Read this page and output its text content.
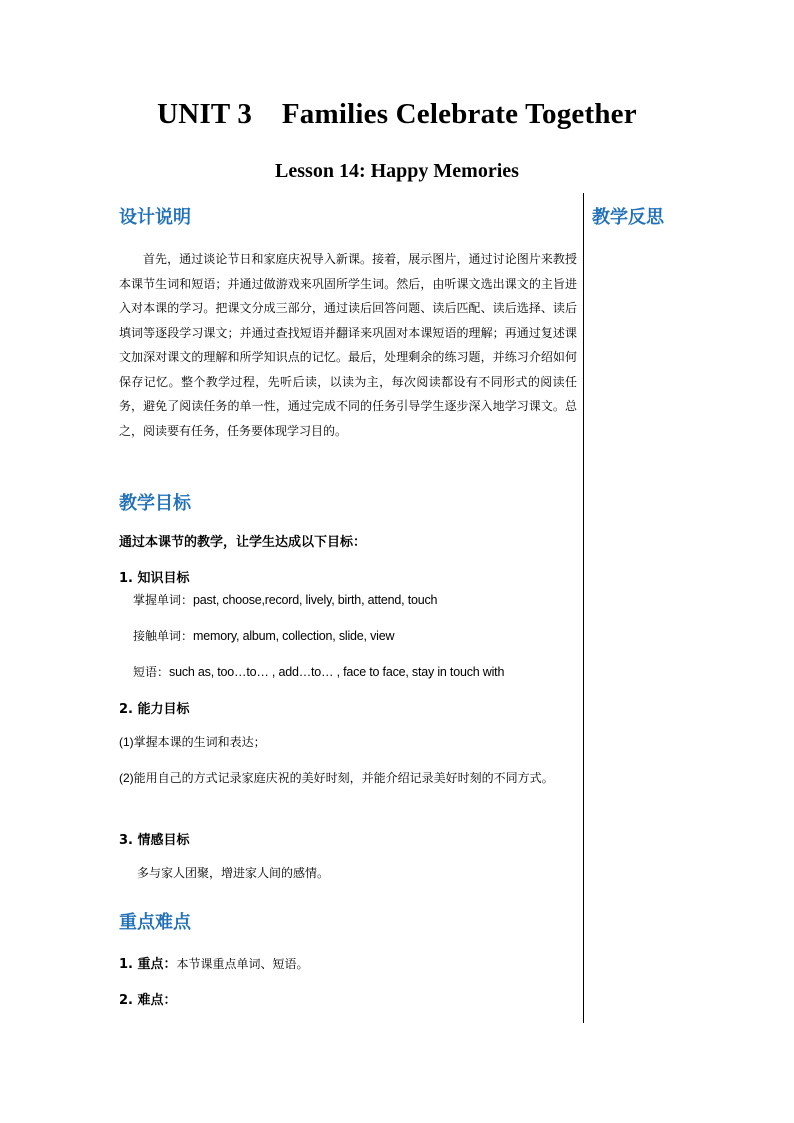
UNIT 3    Families Celebrate Together
Lesson 14: Happy Memories
教学反思
设计说明
首先，通过谈论节日和家庭庆祝导入新课。接着，展示图片，通过讨论图片来教授本课节生词和短语；并通过做游戏来巩固所学生词。然后，由听课文选出课文的主旨进入对本课的学习。把课文分成三部分，通过读后回答问题、读后匹配、读后选择、读后填词等逐段学习课文；并通过查找短语并翻译来巩固对本课短语的理解；再通过复述课文加深对课文的理解和所学知识点的记忆。最后，处理剩余的练习题，并练习介绍如何保存记忆。整个教学过程，先听后读，以读为主，每次阅读都设有不同形式的阅读任务，避免了阅读任务的单一性，通过完成不同的任务引导学生逐步深入地学习课文。总之，阅读要有任务，任务要体现学习目的。
教学目标
通过本课节的教学，让学生达成以下目标：
1. 知识目标
掌握单词：past, choose,record, lively, birth, attend, touch
接触单词：memory, album, collection, slide, view
短语：such as, too…to… , add…to… , face to face, stay in touch with
2. 能力目标
(1)掌握本课的生词和表达；
(2)能用自己的方式记录家庭庆祝的美好时刻，并能介绍记录美好时刻的不同方式。
3. 情感目标
多与家人团聚，增进家人间的感情。
重点难点
1. 重点：本节课重点单词、短语。
2. 难点：
